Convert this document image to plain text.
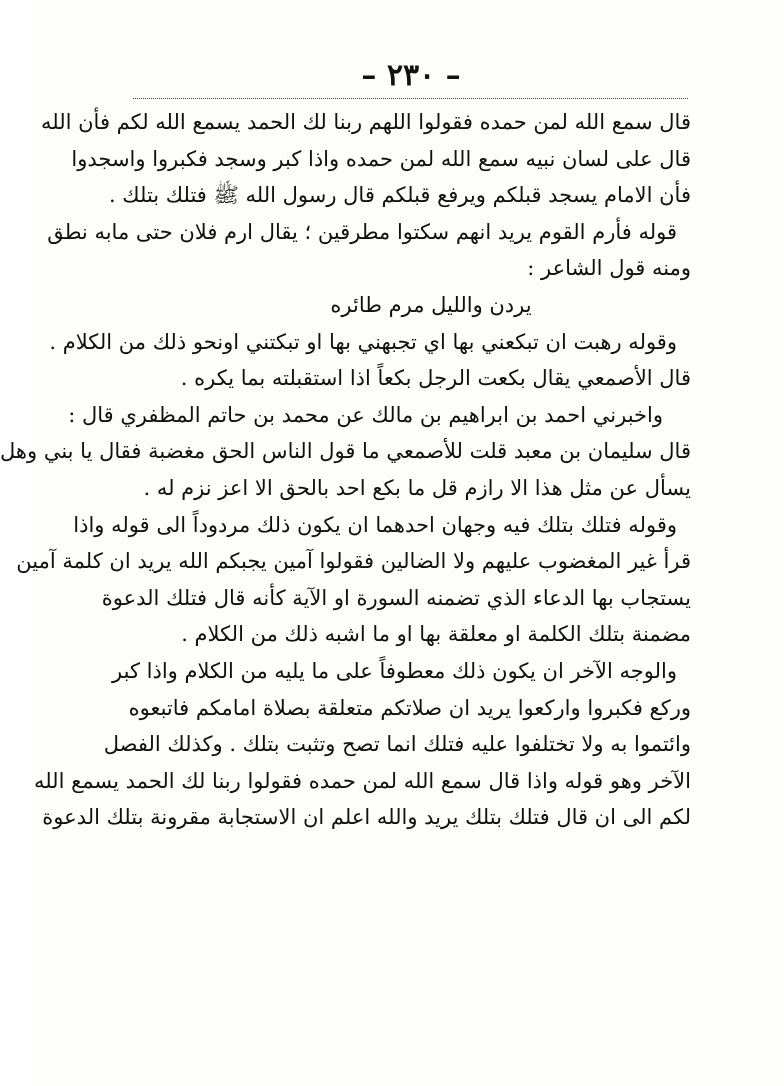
– ٢٣٠ –
قال سمع الله لمن حمده فقولوا اللهم ربنا لك الحمد يسمع الله لكم فأن الله
قال على لسان نبيه سمع الله لمن حمده واذا كبر وسجد فكبروا واسجدوا
فأن الامام يسجد قبلكم ويرفع قبلكم قال رسول الله ﷺ فتلك بتلك .
قوله فأرم القوم يريد انهم سكتوا مطرقين ؛ يقال ارم فلان حتى مابه نطق
ومنه قول الشاعر :
يردن والليل مرم طائره
وقوله رهبت ان تبكعني بها اي تجبهني بها او تبكتني اونحو ذلك من الكلام .
قال الأصمعي يقال بكعت الرجل بكعاً اذا استقبلته بما يكره .
واخبرني احمد بن ابراهيم بن مالك عن محمد بن حاتم المظفري قال :
قال سليمان بن معبد قلت للأصمعي ما قول الناس الحق مغضبة فقال يا بني وهل
يسأل عن مثل هذا الا رازم قل ما بكع احد بالحق الا اعز نزم له .
وقوله فتلك بتلك فيه وجهان احدهما ان يكون ذلك مردوداً الى قوله واذا
قرأ غير المغضوب عليهم ولا الضالين فقولوا آمين يجبكم الله يريد ان كلمة آمين
يستجاب بها الدعاء الذي تضمنه السورة او الآية كأنه قال فتلك الدعوة
مضمنة بتلك الكلمة او معلقة بها او ما اشبه ذلك من الكلام .
والوجه الآخر ان يكون ذلك معطوفاً على ما يليه من الكلام واذا كبر
وركع فكبروا واركعوا يريد ان صلاتكم متعلقة بصلاة امامكم فاتبعوه
وائتموا به ولا تختلفوا عليه فتلك انما تصح وتثبت بتلك . وكذلك الفصل
الآخر وهو قوله واذا قال سمع الله لمن حمده فقولوا ربنا لك الحمد يسمع الله
لكم الى ان قال فتلك بتلك يريد والله اعلم ان الاستجابة مقرونة بتلك الدعوة
